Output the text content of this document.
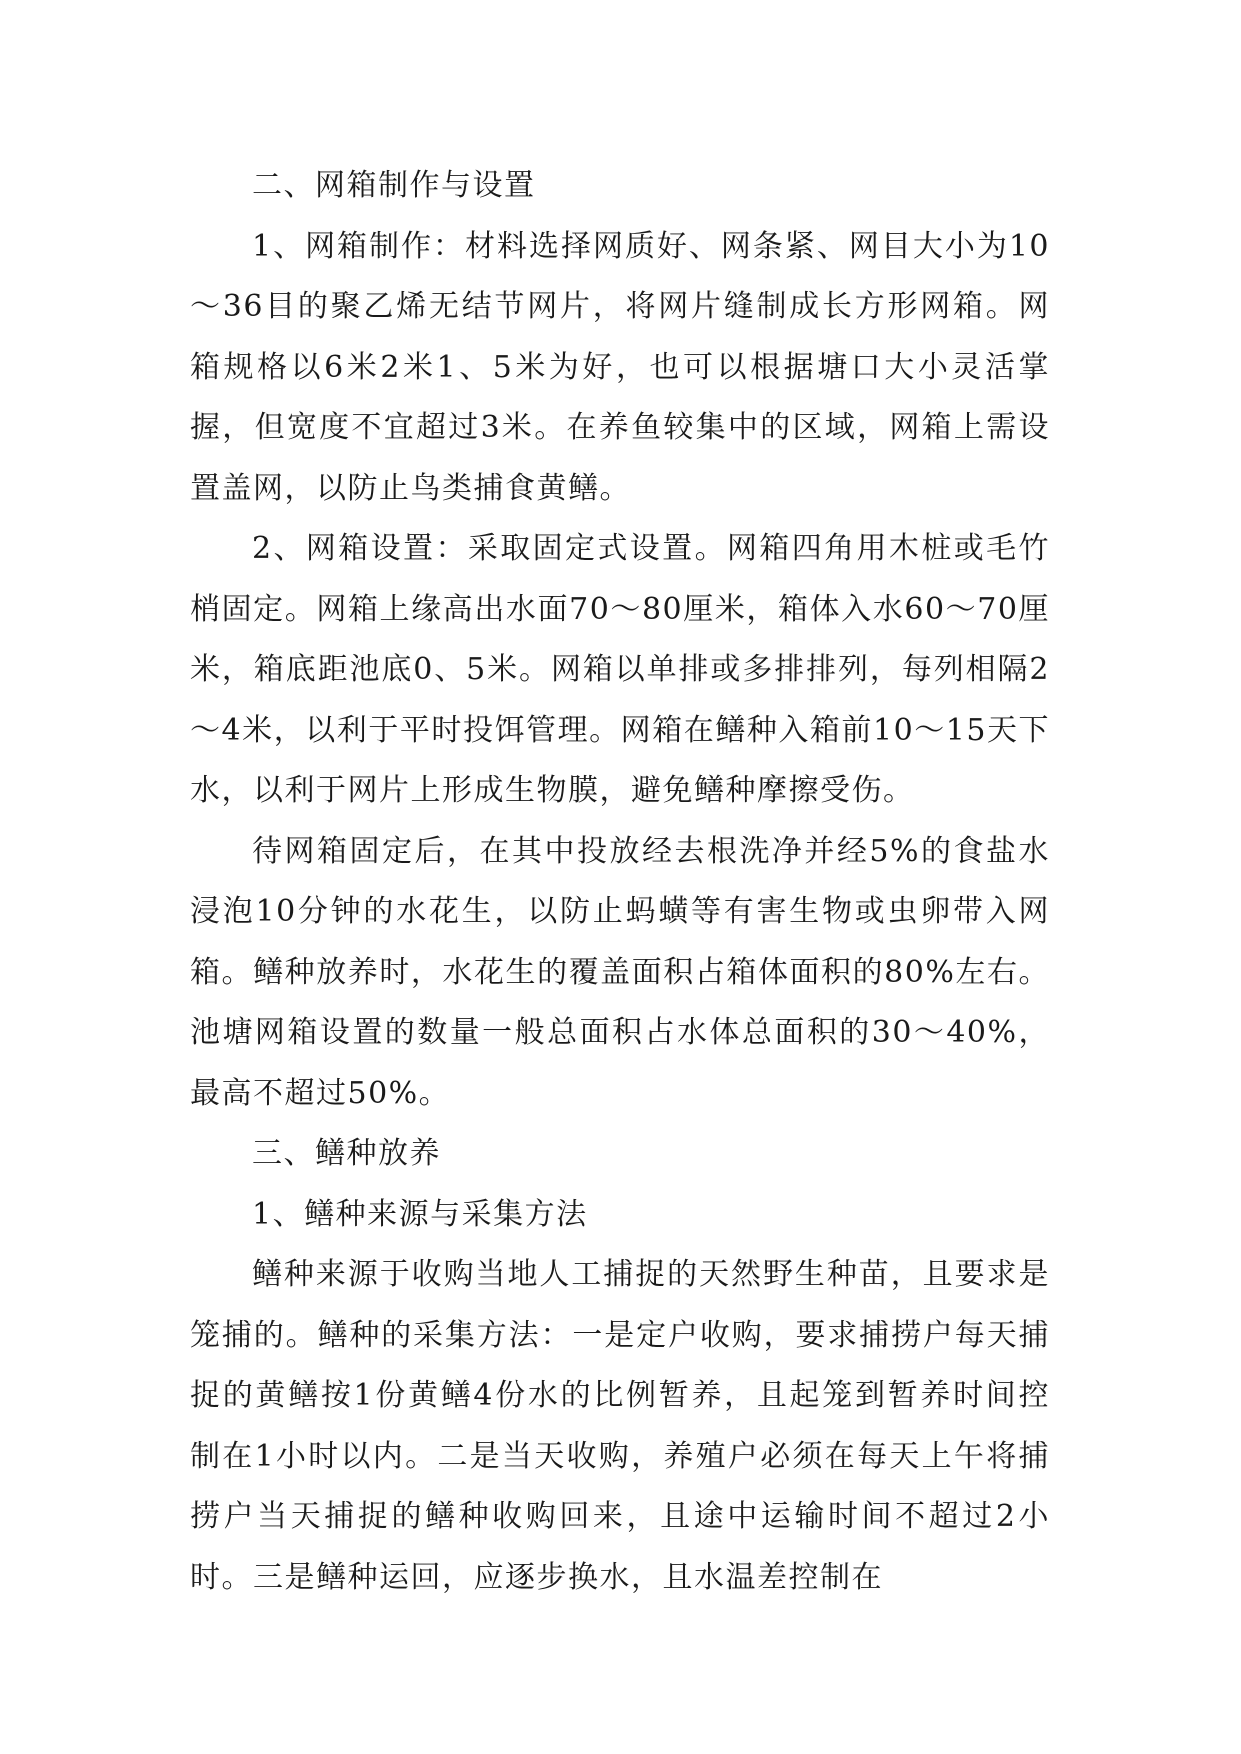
二、网箱制作与设置

1、网箱制作：材料选择网质好、网条紧、网目大小为10～36目的聚乙烯无结节网片，将网片缝制成长方形网箱。网箱规格以6米2米1、5米为好，也可以根据塘口大小灵活掌握，但宽度不宜超过3米。在养鱼较集中的区域，网箱上需设置盖网，以防止鸟类捕食黄鳝。

2、网箱设置：采取固定式设置。网箱四角用木桩或毛竹梢固定。网箱上缘高出水面70～80厘米，箱体入水60～70厘米，箱底距池底0、5米。网箱以单排或多排排列，每列相隔2～4米，以利于平时投饵管理。网箱在鳝种入箱前10～15天下水，以利于网片上形成生物膜，避免鳝种摩擦受伤。

待网箱固定后，在其中投放经去根洗净并经5%的食盐水浸泡10分钟的水花生，以防止蚂蟥等有害生物或虫卵带入网箱。鳝种放养时，水花生的覆盖面积占箱体面积的80%左右。池塘网箱设置的数量一般总面积占水体总面积的30～40%，最高不超过50%。

三、鳝种放养

1、鳝种来源与采集方法

鳝种来源于收购当地人工捕捉的天然野生种苗，且要求是笼捕的。鳝种的采集方法：一是定户收购，要求捕捞户每天捕捉的黄鳝按1份黄鳝4份水的比例暂养，且起笼到暂养时间控制在1小时以内。二是当天收购，养殖户必须在每天上午将捕捞户当天捕捉的鳝种收购回来，且途中运输时间不超过2小时。三是鳝种运回，应逐步换水，且水温差控制在
